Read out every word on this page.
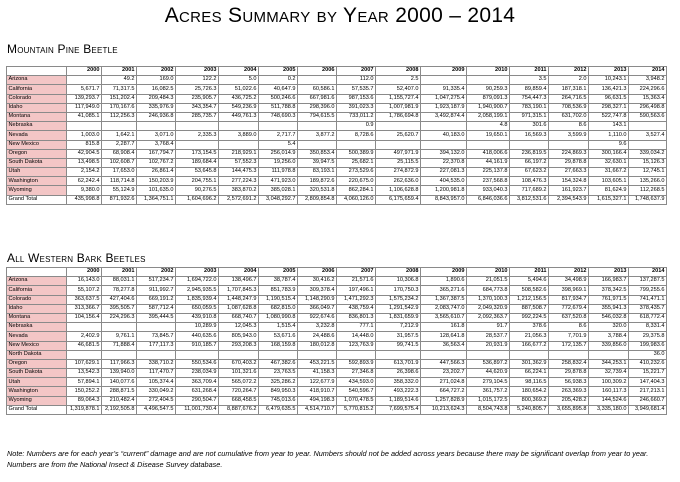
Acres Summary by Year 2000 – 2014
Mountain Pine Beetle
	2000	2001	2002	2003	2004	2005	2006	2007	2008	2009	2010	2011	2012	2013	2014
Arizona		49.2	169.0	122.2	5.0	0.2		112.0	2.5			3.5	2.0	10,243.1	3,948.2
California	5,671.7	71,317.5	16,082.5	25,726.3	51,022.6	40,647.9	60,586.1	57,535.7	52,407.0	91,335.4	90,259.3	89,859.4	187,318.1	136,421.3	224,296.6
Colorado	139,293.7	151,202.4	209,484.3	235,905.7	436,725.2	500,246.6	667,981.6	987,153.6	1,155,727.4	1,047,275.4	879,091.3	754,447.3	264,716.5	96,631.5	15,363.4
Idaho	117,949.0	170,167.6	335,976.9	343,354.7	549,236.9	511,788.8	298,396.0	391,023.3	1,007,981.9	1,923,187.9	1,940,900.7	783,190.1	708,536.9	298,327.1	296,498.8
Montana	41,085.1	112,256.3	246,936.8	285,735.7	449,761.3	748,690.3	794,615.5	733,011.2	1,786,694.8	3,492,874.4	2,058,199.1	971,315.1	631,702.0	522,747.8	590,563.6
Nebraska								0.9			4.8	301.6	8.6	143.1	
Nevada	1,003.0	1,642.1	3,071.0	2,335.3	3,889.0	2,717.7	3,877.2	8,728.6	25,620.7	40,183.0	19,650.1	16,569.3	3,599.9	1,110.0	3,527.4
New Mexico	815.8	2,287.7	3,768.4			5.4								9.6	
Oregon	42,904.5	68,908.4	167,794.7	173,154.5	218,929.1	256,014.9	350,853.4	500,389.9	497,971.9	394,132.0	418,006.6	236,819.5	224,869.3	300,166.4	339,034.2
South Dakota	13,498.5	102,608.7	102,767.2	189,684.4	57,552.3	19,256.0	39,947.5	25,682.1	25,115.5	22,370.8	44,161.9	66,197.2	29,878.8	32,630.1	15,126.3
Utah	2,154.2	17,653.0	26,861.4	53,645.8	144,475.3	111,978.8	83,193.1	273,529.6	274,872.9	227,081.3	225,137.8	67,623.2	27,663.3	31,667.2	12,745.1
Washington	62,242.4	118,714.8	150,203.9	204,755.1	277,224.3	471,923.0	189,872.6	220,675.0	262,636.0	404,535.0	237,568.8	108,476.3	154,324.8	103,605.1	135,266.0
Wyoming	9,380.0	55,124.9	101,635.0	90,276.5	383,870.2	385,028.1	320,531.8	862,284.1	1,106,628.8	1,200,981.8	933,040.3	717,689.2	161,923.7	81,624.9	112,268.5
Grand Total	435,998.8	871,932.6	1,364,751.1	1,604,696.2	2,572,691.2	3,048,292.7	2,809,854.8	4,060,126.0	6,175,659.4	8,843,957.0	6,846,036.6	3,812,531.6	2,394,543.9	1,615,327.1	1,748,637.9
All Western Bark Beetles
	2000	2001	2002	2003	2004	2005	2006	2007	2008	2009	2010	2011	2012	2013	2014
Arizona	16,143.0	88,031.1	517,234.7	1,694,722.0	138,496.7	38,787.4	30,416.2	21,571.6	10,306.8	1,890.6	21,051.5	5,494.6	34,498.9	166,983.7	137,287.5
California	55,107.2	78,277.8	911,992.7	2,945,935.5	1,707,845.3	851,783.9	309,378.4	197,496.1	170,750.3	365,271.6	684,773.8	508,582.6	398,969.1	378,342.5	799,255.6
Colorado	363,637.5	427,404.6	669,191.2	1,835,939.4	1,448,247.9	1,190,515.4	1,148,290.9	1,471,292.3	1,575,234.2	1,367,387.5	1,370,100.3	1,212,156.5	817,934.7	761,971.5	741,471.1
Idaho	313,366.7	395,505.7	587,712.4	650,059.5	1,087,628.8	682,815.0	366,049.7	438,759.4	1,291,542.9	2,083,747.0	2,049,320.9	887,508.7	772,679.4	355,941.3	378,435.7
Montana	104,156.4	224,296.3	395,444.5	439,910.8	668,740.7	1,080,990.8	922,674.6	836,801.3	1,831,659.9	3,565,610.7	2,092,363.7	992,224.5	637,520.8	546,032.8	618,772.4
Nebraska				10,289.9	12,045.3	1,515.4	3,232.8	777.1	7,212.9	161.8	91.7	378.6	8.6	320.0	8,331.4
Nevada	2,402.9	9,761.1	73,845.7	440,635.6	805,943.0	53,671.6	24,488.6	14,448.0	31,957.5	128,641.8	28,537.7	21,056.3	7,701.9	3,788.4	29,375.8
New Mexico	46,681.5	71,888.4	177,117.3	910,185.7	293,208.3	168,159.8	180,012.8	123,763.9	99,741.5	36,563.4	20,931.9	166,677.2	172,135.7	339,856.0	199,983.6
North Dakota															36.0
Oregon	107,629.1	117,966.3	338,710.2	550,534.6	670,403.2	467,382.6	453,221.5	592,893.9	613,701.9	447,566.3	536,897.2	301,362.9	258,832.4	344,253.1	410,232.6
South Dakota	13,542.3	139,940.0	117,470.7	238,034.9	101,321.6	23,763.5	41,158.3	27,346.8	26,398.6	23,202.7	44,620.9	66,224.1	29,878.8	32,739.4	15,221.7
Utah	57,894.1	140,077.6	105,374.4	363,709.4	565,072.2	325,286.2	122,677.9	434,593.0	358,332.0	271,024.8	279,104.5	98,116.5	56,938.3	100,309.2	147,404.3
Washington	150,252.2	288,871.5	330,049.2	631,268.4	720,264.7	849,950.3	418,910.7	540,596.7	493,222.3	664,727.2	361,757.2	180,654.2	263,369.3	160,117.3	217,213.1
Wyoming	89,064.3	210,482.4	272,404.5	290,504.7	668,458.5	745,013.6	494,198.3	1,070,478.5	1,189,514.6	1,257,828.9	1,015,172.5	800,369.2	205,428.2	144,524.6	246,660.7
Grand Total	1,319,878.1	2,192,505.8	4,496,547.5	11,001,730.4	8,887,676.2	6,479,635.5	4,514,710.7	5,770,815.2	7,699,575.4	10,213,624.3	8,504,743.8	5,240,805.7	3,655,895.8	3,335,180.0	3,949,681.4
Note: Numbers are for each year’s “current” damage and are not cumulative from year to year. Numbers should not be added across years because there may be significant overlap from year to year. Numbers are from the National Insect & Disease Survey database.
